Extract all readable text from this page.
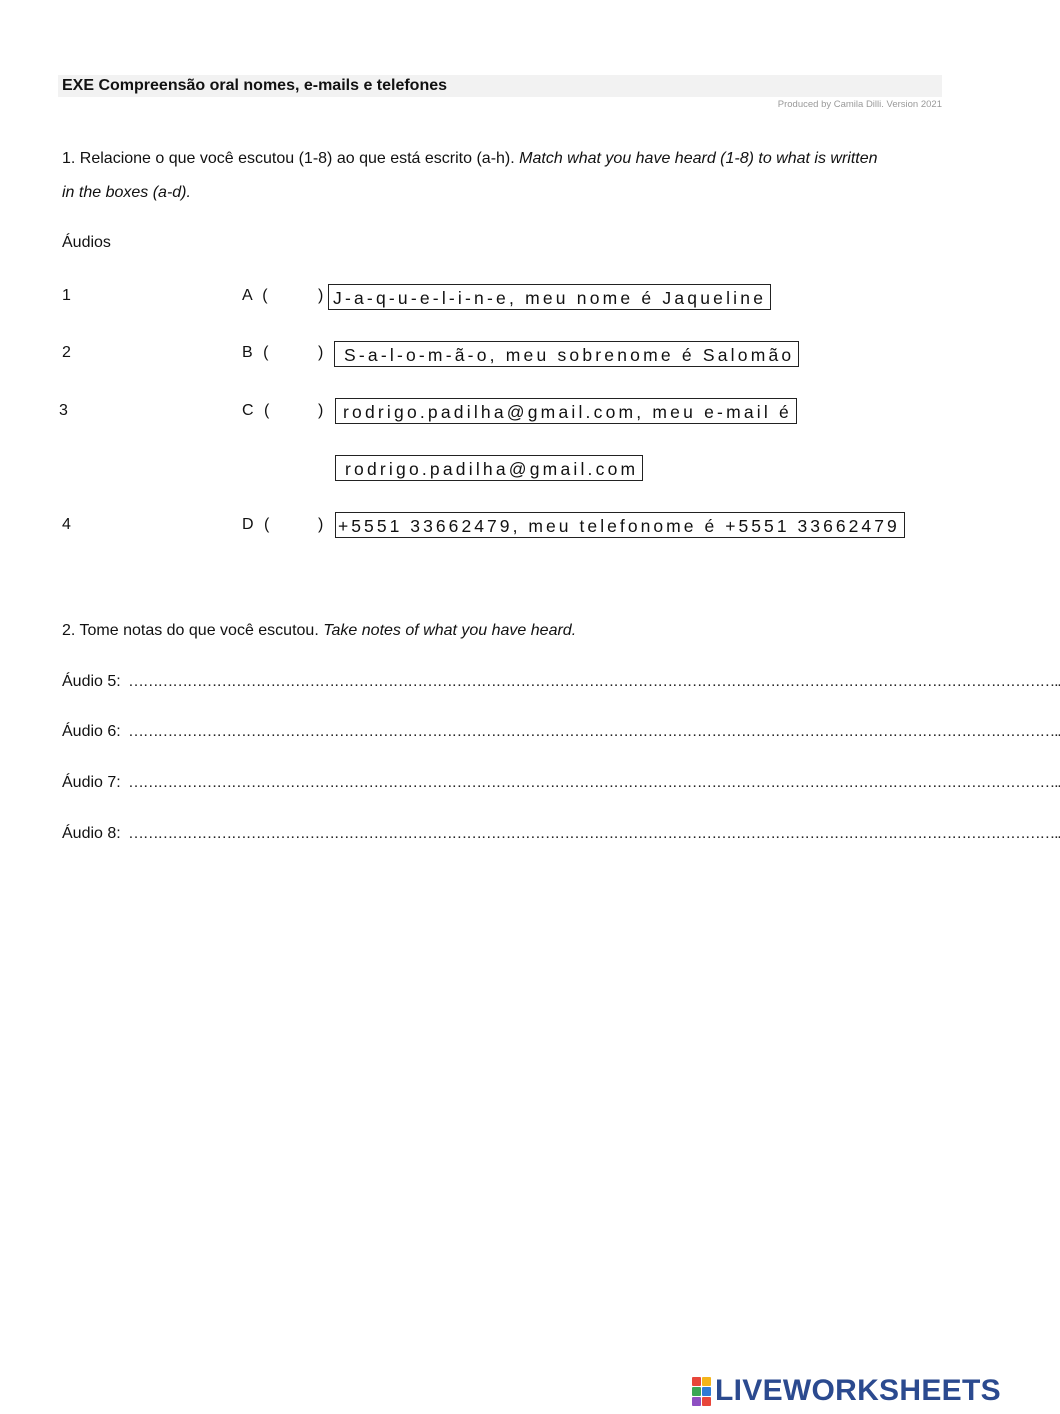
EXE Compreensão oral nomes, e-mails e telefones
Produced by Camila Dilli. Version 2021
1. Relacione o que você escutou (1-8) ao que está escrito (a-h). Match what you have heard (1-8) to what is written
in the boxes (a-d).
Áudios
1	A (	) J-a-q-u-e-l-i-n-e, meu nome é Jaqueline
2	B (	)	S-a-l-o-m-ã-o, meu sobrenome é Salomão
3	C (	)	rodrigo.padilha@gmail.com, meu e-mail é
rodrigo.padilha@gmail.com
4	D (	) +5551 33662479, meu telefonome é +5551 33662479
2. Tome notas do que você escutou. Take notes of what you have heard.
Áudio 5: ………………………………………………………………………………………………………………………………………………………………………..
Áudio 6: ………………………………………………………………………………………………………………………………………………………………………..
Áudio 7: ………………………………………………………………………………………………………………………………………………………………………..
Áudio 8: ………………………………………………………………………………………………………………………………………………………………………..
LIVEWORKSHEETS
